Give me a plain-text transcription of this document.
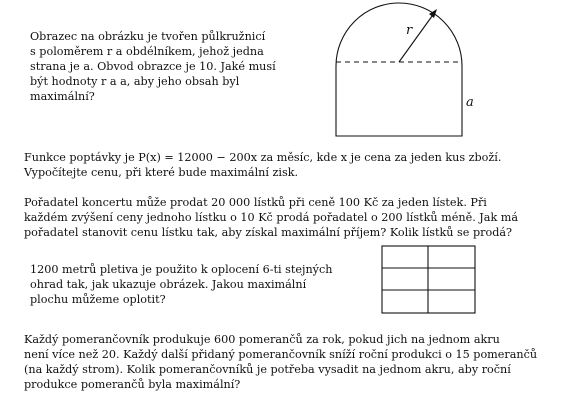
Obrazec na obrázku je tvořen půlkružnicí
s poloměrem r a obdélníkem, jehož jedna
strana je a. Obvod obrazce je 10. Jaké musí
být hodnoty r a a, aby jeho obsah byl
maximální?
r
a
Funkce poptávky je P(x) = 12000 − 200x za měsíc, kde x je cena za jeden kus zboží.
Vypočítejte cenu, při které bude maximální zisk.
Pořadatel koncertu může prodat 20 000 lístků při ceně 100 Kč za jeden lístek. Při
každém zvýšení ceny jednoho lístku o 10 Kč prodá pořadatel o 200 lístků méně. Jak má
pořadatel stanovit cenu lístku tak, aby získal maximální příjem? Kolik lístků se prodá?
1200 metrů pletiva je použito k oplocení 6-ti stejných
ohrad tak, jak ukazuje obrázek. Jakou maximální
plochu můžeme oplotit?
Každý pomerančovník produkuje 600 pomerančů za rok, pokud jich na jednom akru
není více než 20. Každý další přidaný pomerančovník sníží roční produkci o 15 pomerančů
(na každý strom). Kolik pomerančovníků je potřeba vysadit na jednom akru, aby roční
produkce pomerančů byla maximální?
